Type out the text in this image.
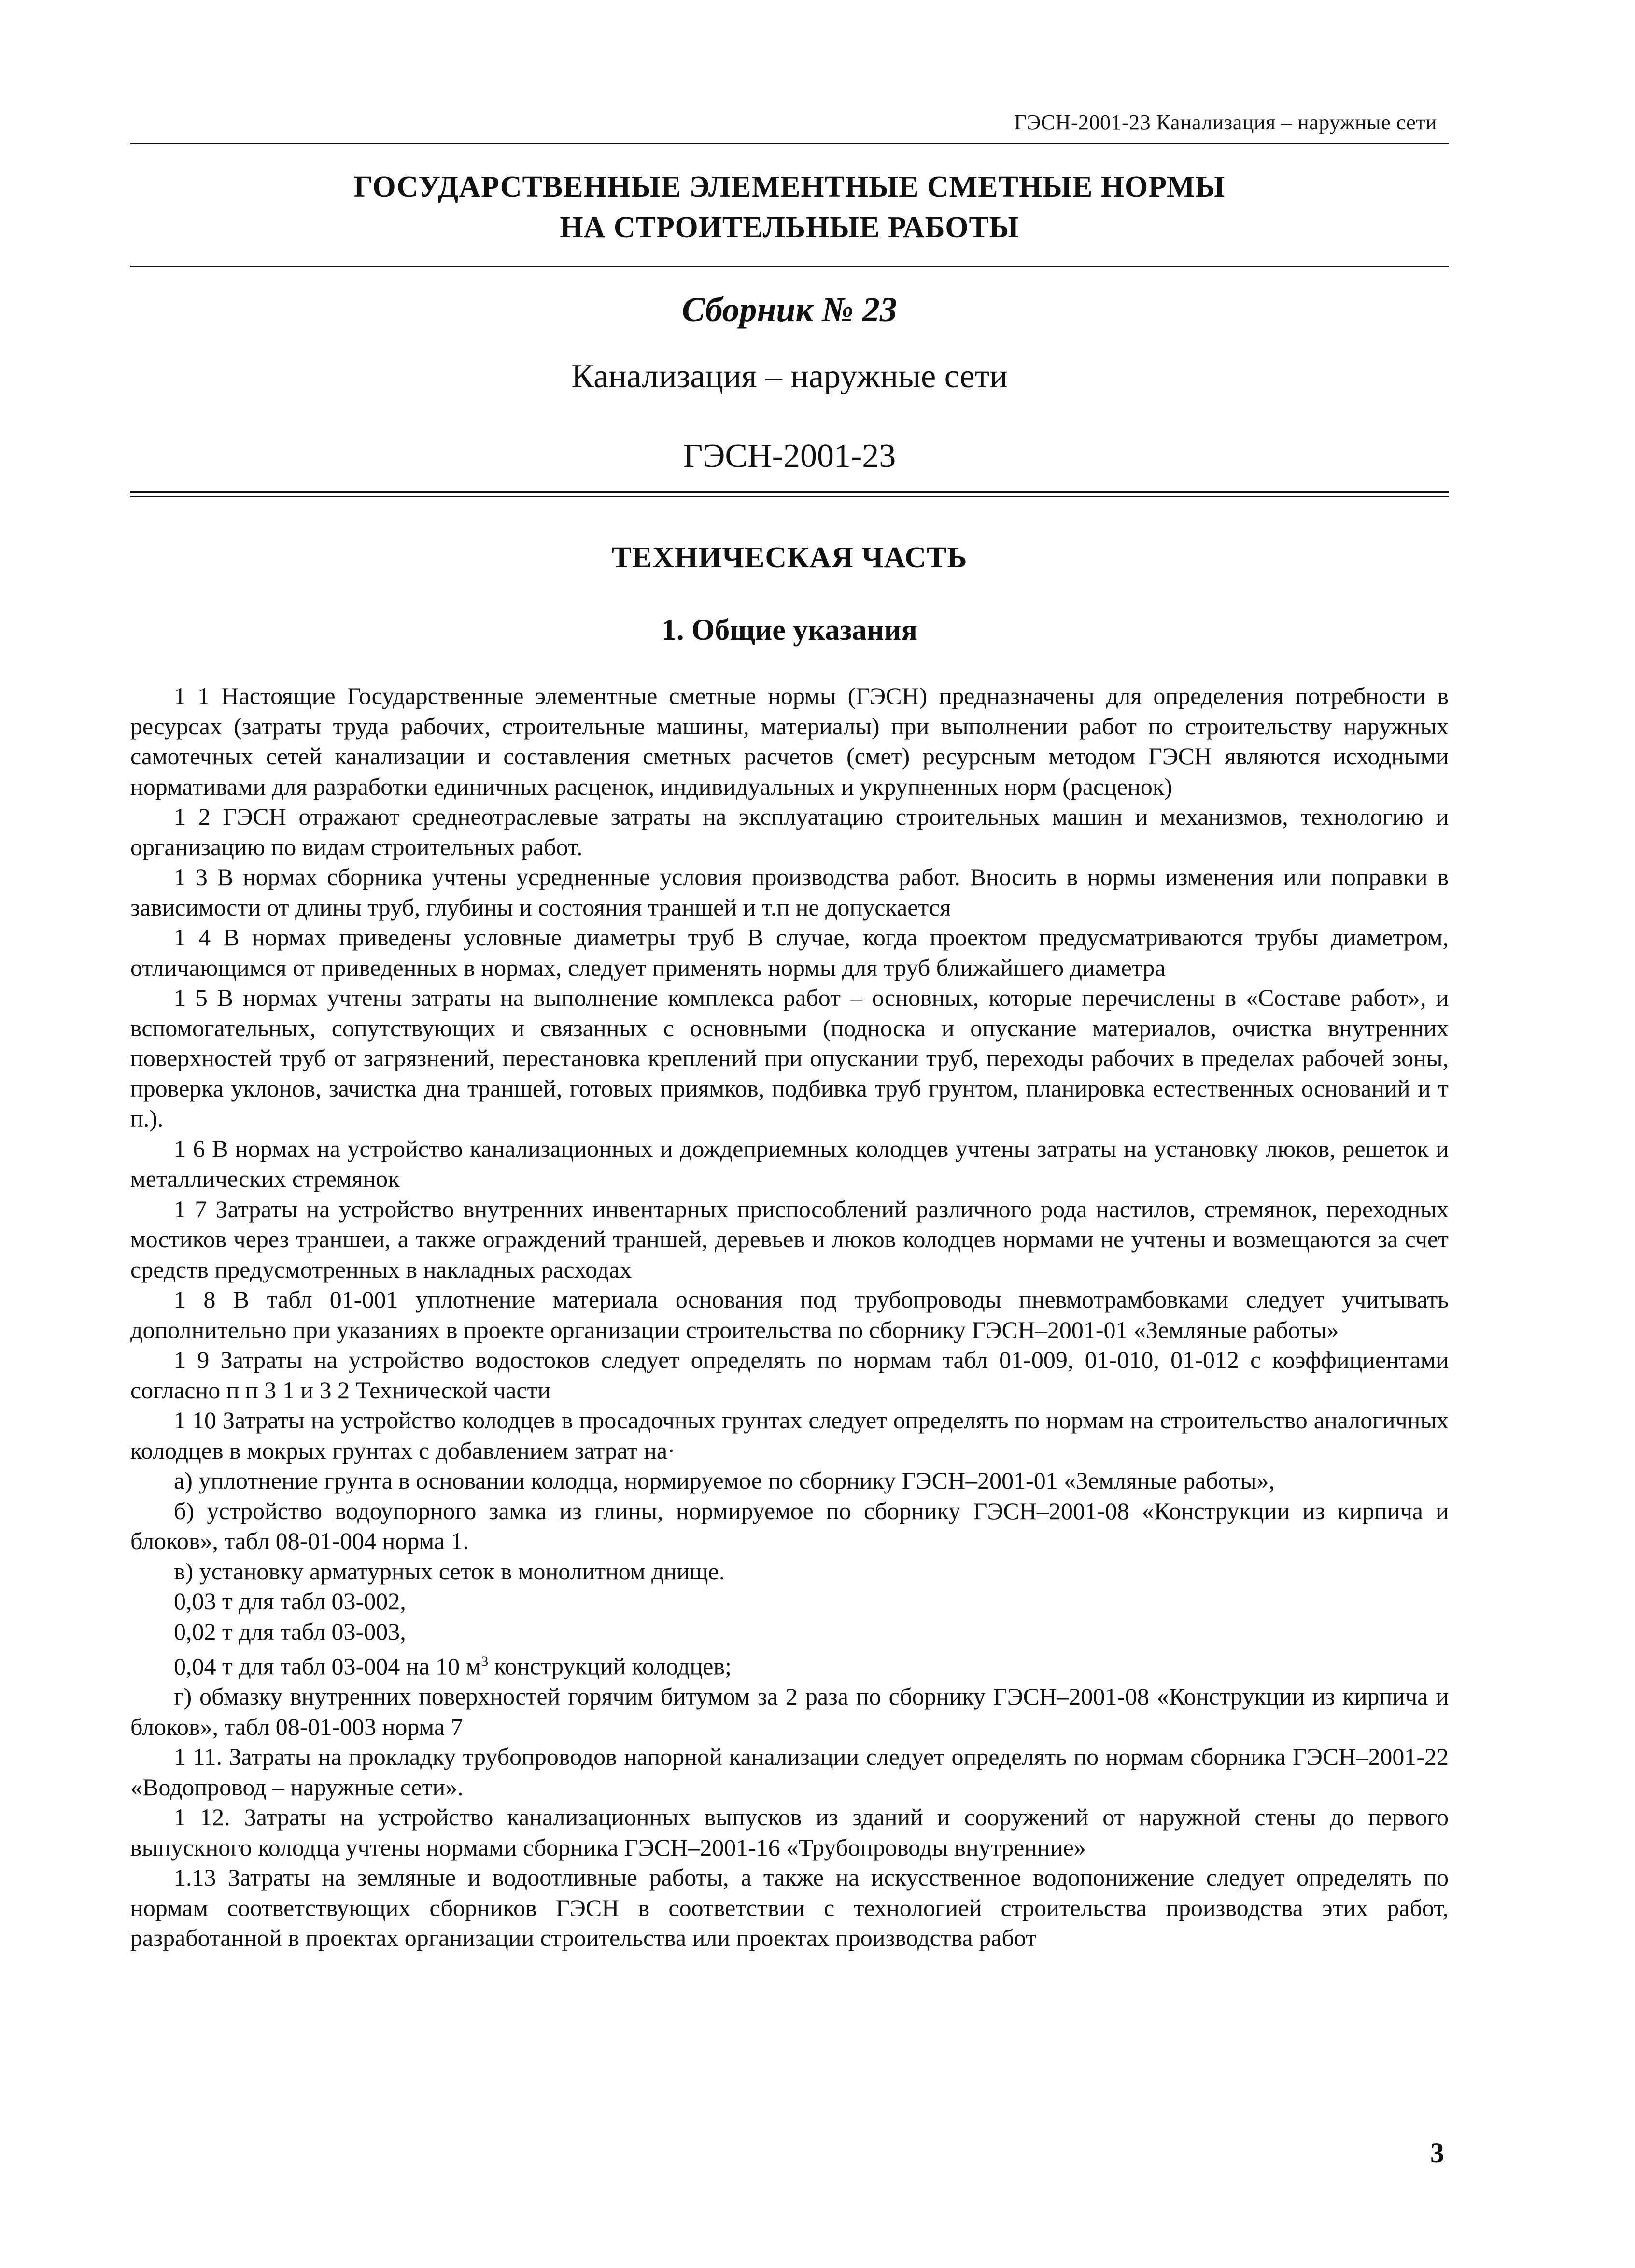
ГЭСН-2001-23 Канализация – наружные сети
ГОСУДАРСТВЕННЫЕ ЭЛЕМЕНТНЫЕ СМЕТНЫЕ НОРМЫ
НА СТРОИТЕЛЬНЫЕ РАБОТЫ
Сборник № 23
Канализация – наружные сети
ГЭСН-2001-23
ТЕХНИЧЕСКАЯ ЧАСТЬ
1. Общие указания

1 1 Настоящие Государственные элементные сметные нормы (ГЭСН) предназначены для определения потребности в ресурсах (затраты труда рабочих, строительные машины, материалы) при выполнении работ по строительству наружных самотечных сетей канализации и составления сметных расчетов (смет) ресурсным методом ГЭСН являются исходными нормативами для разработки единичных расценок, индивидуальных и укрупненных норм (расценок)

1 2 ГЭСН отражают среднеотраслевые затраты на эксплуатацию строительных машин и механизмов, технологию и организацию по видам строительных работ.

1 3 В нормах сборника учтены усредненные условия производства работ. Вносить в нормы изменения или поправки в зависимости от длины труб, глубины и состояния траншей и т.п не допускается

1 4 В нормах приведены условные диаметры труб В случае, когда проектом предусматриваются трубы диаметром, отличающимся от приведенных в нормах, следует применять нормы для труб ближайшего диаметра

1 5 В нормах учтены затраты на выполнение комплекса работ – основных, которые перечислены в «Составе работ», и вспомогательных, сопутствующих и связанных с основными (подноска и опускание материалов, очистка внутренних поверхностей труб от загрязнений, перестановка креплений при опускании труб, переходы рабочих в пределах рабочей зоны, проверка уклонов, зачистка дна траншей, готовых приямков, подбивка труб грунтом, планировка естественных оснований и т п.).

1 6 В нормах на устройство канализационных и дождеприемных колодцев учтены затраты на установку люков, решеток и металлических стремянок

1 7 Затраты на устройство внутренних инвентарных приспособлений различного рода настилов, стремянок, переходных мостиков через траншеи, а также ограждений траншей, деревьев и люков колодцев нормами не учтены и возмещаются за счет средств предусмотренных в накладных расходах

1 8 В табл 01-001 уплотнение материала основания под трубопроводы пневмотрамбовками следует учитывать дополнительно при указаниях в проекте организации строительства по сборнику ГЭСН–2001-01 «Земляные работы»

1 9 Затраты на устройство водостоков следует определять по нормам табл 01-009, 01-010, 01-012 с коэффициентами согласно п п 3 1 и 3 2 Технической части

1 10 Затраты на устройство колодцев в просадочных грунтах следует определять по нормам на строительство аналогичных колодцев в мокрых грунтах с добавлением затрат на·

а) уплотнение грунта в основании колодца, нормируемое по сборнику ГЭСН–2001-01 «Земляные работы»,

б) устройство водоупорного замка из глины, нормируемое по сборнику ГЭСН–2001-08 «Конструкции из кирпича и блоков», табл 08-01-004 норма 1.

в) установку арматурных сеток в монолитном днище.

0,03 т для табл 03-002,

0,02 т для табл 03-003,

0,04 т для табл 03-004 на 10 $м^3$ конструкций колодцев;

г) обмазку внутренних поверхностей горячим битумом за 2 раза по сборнику ГЭСН–2001-08 «Конструкции из кирпича и блоков», табл 08-01-003 норма 7

1 11. Затраты на прокладку трубопроводов напорной канализации следует определять по нормам сборника ГЭСН–2001-22 «Водопровод – наружные сети».

1 12. Затраты на устройство канализационных выпусков из зданий и сооружений от наружной стены до первого выпускного колодца учтены нормами сборника ГЭСН–2001-16 «Трубопроводы внутренние»

1.13 Затраты на земляные и водоотливные работы, а также на искусственное водопонижение следует определять по нормам соответствующих сборников ГЭСН в соответствии с технологией строительства производства этих работ, разработанной в проектах организации строительства или проектах производства работ

3
